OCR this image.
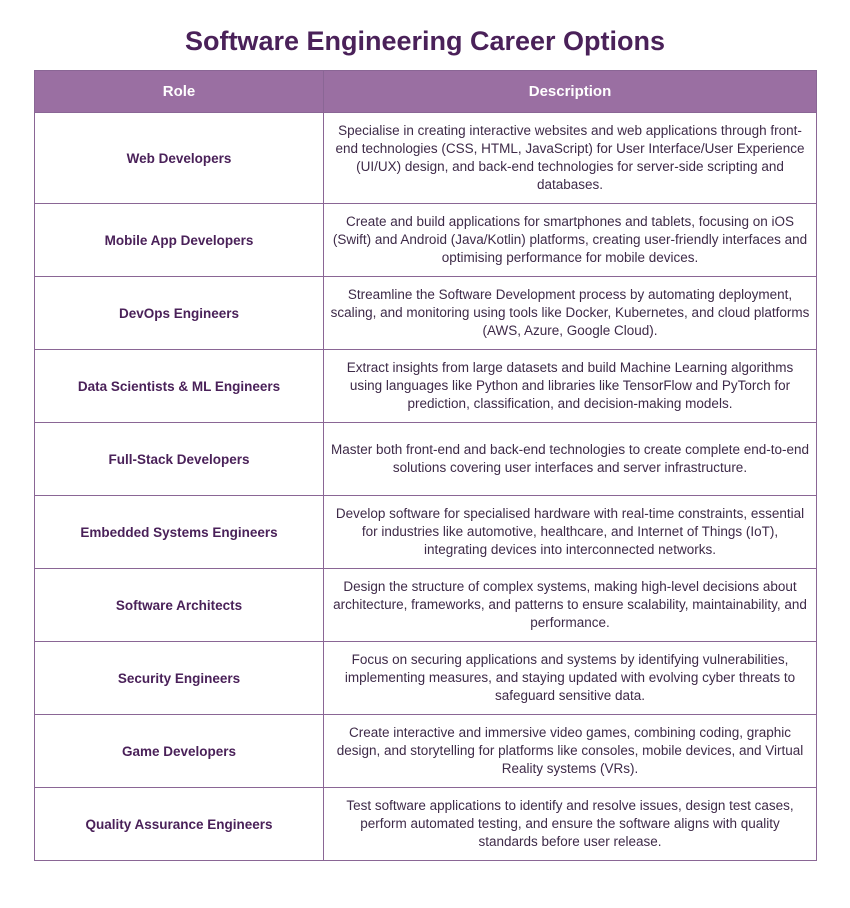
Software Engineering Career Options
Role	Description
Web Developers	Specialise in creating interactive websites and web applications through front-end technologies (CSS, HTML, JavaScript) for User Interface/User Experience (UI/UX) design, and back-end technologies for server-side scripting and databases.
Mobile App Developers	Create and build applications for smartphones and tablets, focusing on iOS (Swift) and Android (Java/Kotlin) platforms, creating user-friendly interfaces and optimising performance for mobile devices.
DevOps Engineers	Streamline the Software Development process by automating deployment, scaling, and monitoring using tools like Docker, Kubernetes, and cloud platforms (AWS, Azure, Google Cloud).
Data Scientists & ML Engineers	Extract insights from large datasets and build Machine Learning algorithms using languages like Python and libraries like TensorFlow and PyTorch for prediction, classification, and decision-making models.
Full-Stack Developers	Master both front-end and back-end technologies to create complete end-to-end solutions covering user interfaces and server infrastructure.
Embedded Systems Engineers	Develop software for specialised hardware with real-time constraints, essential for industries like automotive, healthcare, and Internet of Things (IoT), integrating devices into interconnected networks.
Software Architects	Design the structure of complex systems, making high-level decisions about architecture, frameworks, and patterns to ensure scalability, maintainability, and performance.
Security Engineers	Focus on securing applications and systems by identifying vulnerabilities, implementing measures, and staying updated with evolving cyber threats to safeguard sensitive data.
Game Developers	Create interactive and immersive video games, combining coding, graphic design, and storytelling for platforms like consoles, mobile devices, and Virtual Reality systems (VRs).
Quality Assurance Engineers	Test software applications to identify and resolve issues, design test cases, perform automated testing, and ensure the software aligns with quality standards before user release.
